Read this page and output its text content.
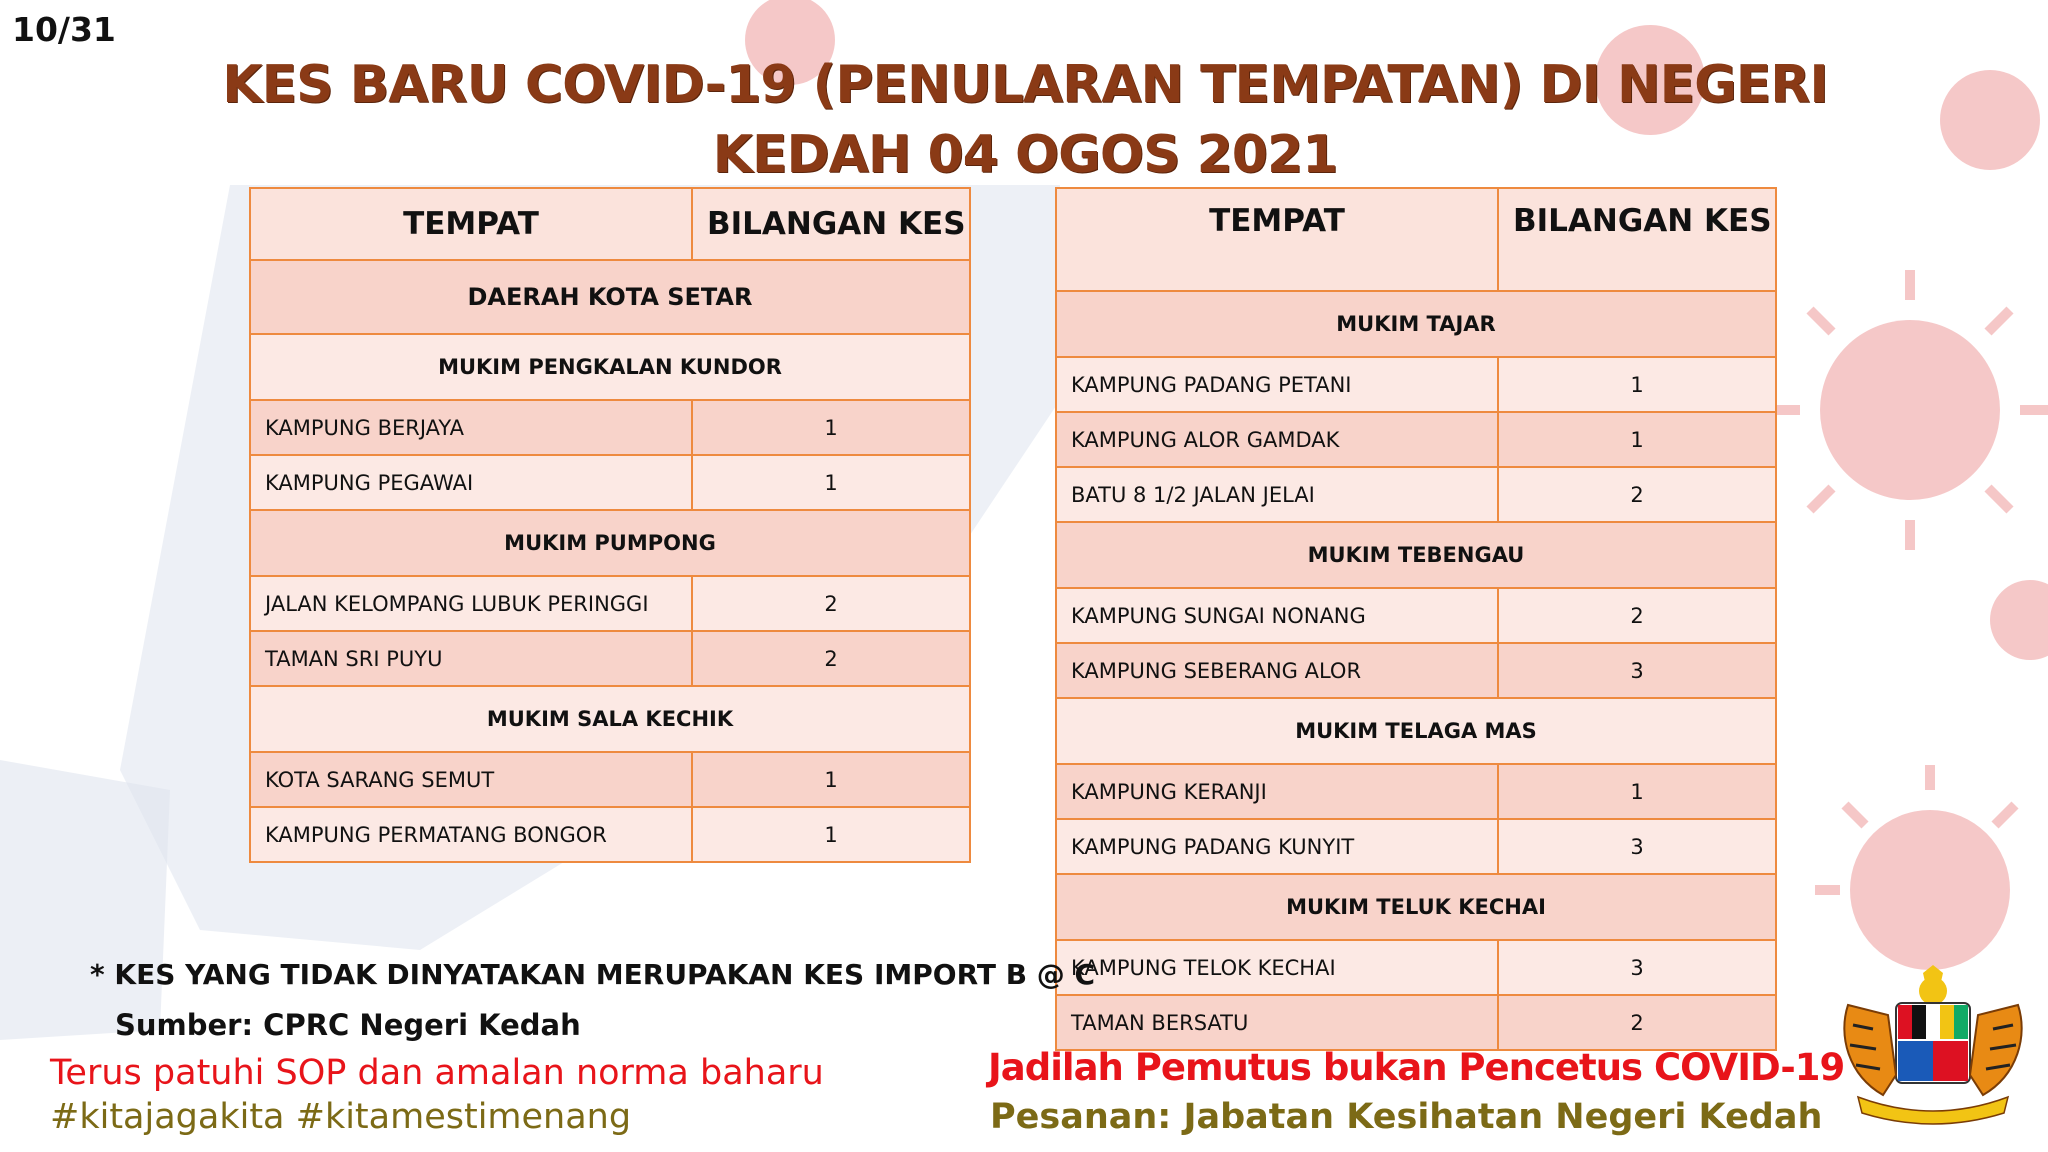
10/31
KES BARU COVID-19 (PENULARAN TEMPATAN) DI NEGERI
KEDAH 04 OGOS 2021
TEMPAT	BILANGAN KES
DAERAH KOTA SETAR	
MUKIM PENGKALAN KUNDOR	
KAMPUNG BERJAYA	1
KAMPUNG PEGAWAI	1
MUKIM PUMPONG	
JALAN KELOMPANG LUBUK PERINGGI	2
TAMAN SRI PUYU	2
MUKIM SALA KECHIK	
KOTA SARANG SEMUT	1
KAMPUNG PERMATANG BONGOR	1
TEMPAT	BILANGAN KES
MUKIM TAJAR	
KAMPUNG PADANG PETANI	1
KAMPUNG ALOR GAMDAK	1
BATU 8 1/2 JALAN JELAI	2
MUKIM TEBENGAU	
KAMPUNG SUNGAI NONANG	2
KAMPUNG SEBERANG ALOR	3
MUKIM TELAGA MAS	
KAMPUNG KERANJI	1
KAMPUNG PADANG KUNYIT	3
MUKIM TELUK KECHAI	
KAMPUNG TELOK KECHAI	3
TAMAN BERSATU	2
* KES YANG TIDAK DINYATAKAN MERUPAKAN KES IMPORT B @ C
Sumber: CPRC Negeri Kedah
Terus patuhi SOP dan amalan norma baharu
#kitajagakita #kitamestimenang
Jadilah Pemutus bukan Pencetus COVID-19
Pesanan: Jabatan Kesihatan Negeri Kedah
